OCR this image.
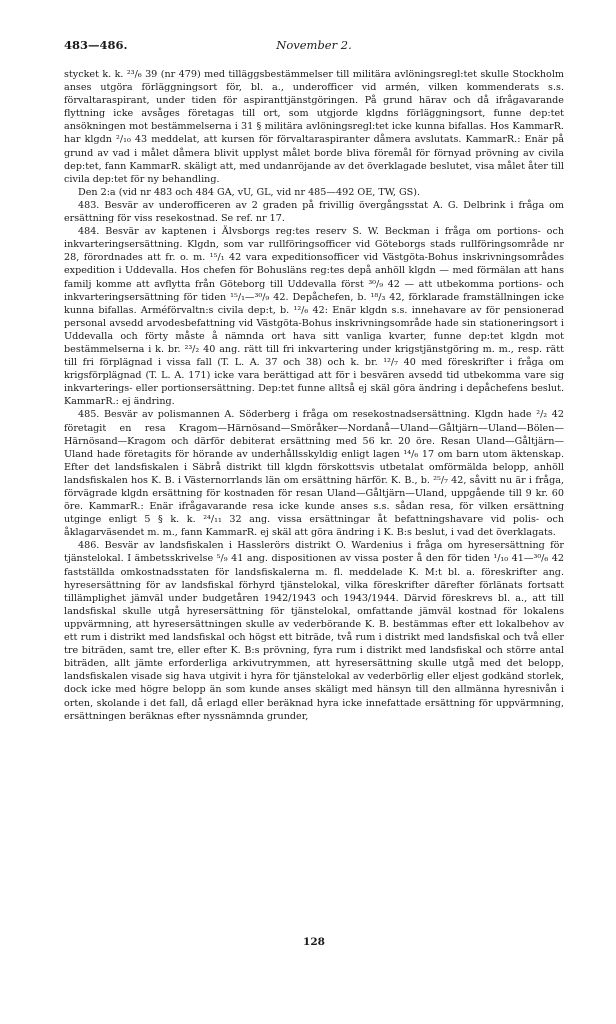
November 2.
483—486.

stycket k. k. ²³/₆ 39 (nr 479) med tilläggsbestämmelser till militära avlöningsregl:tet skulle Stockholm anses utgöra förläggningsort för, bl. a., underofficer vid armén, vilken kommenderats s.s. förvaltaraspirant, under tiden för aspiranttjänstgöringen. På grund härav och då ifrågavarande flyttning icke avsåges företagas till ort, som utgjorde klgdns förläggningsort, funne dep:tet ansökningen mot bestämmelserna i 31 § militära avlöningsregl:tet icke kunna bifallas. Hos KammarR. har klgdn ²/₁₀ 43 meddelat, att kursen för förvaltaraspiranter dåmera avslutats. KammarR.: Enär på grund av vad i målet dåmera blivit upplyst målet borde bliva föremål för förnyad prövning av civila dep:tet, fann KammarR. skäligt att, med undanröjande av det överklagade beslutet, visa målet åter till civila dep:tet för ny behandling.

Den 2:a (vid nr 483 och 484 GA, vU, GL, vid nr 485—492 OE, TW, GS).

483. Besvär av underofficeren av 2 graden på frivillig övergångsstat A. G. Delbrink i fråga om ersättning för viss resekostnad. Se ref. nr 17.

484. Besvär av kaptenen i Älvsborgs reg:tes reserv S. W. Beckman i fråga om portions- och inkvarteringsersättning. Klgdn, som var rullföringsofficer vid Göteborgs stads rullföringsområde nr 28, förordnades att fr. o. m. ¹⁵/₁ 42 vara expeditionsofficer vid Västgöta-Bohus inskrivningsområdes expedition i Uddevalla. Hos chefen för Bohusläns reg:tes depå anhöll klgdn — med förmälan att hans familj komme att avflytta från Göteborg till Uddevalla först ³⁰/₉ 42 — att utbekomma portions- och inkvarteringsersättning för tiden ¹⁵/₁—³⁰/₉ 42. Depåchefen, b. ¹⁸/₃ 42, förklarade framställningen icke kunna bifallas. Arméförvaltn:s civila dep:t, b. ¹²/₆ 42: Enär klgdn s.s. innehavare av för pensionerad personal avsedd arvodesbefattning vid Västgöta-Bohus inskrivningsområde hade sin stationeringsort i Uddevalla och förty måste å nämnda ort hava sitt vanliga kvarter, funne dep:tet klgdn mot bestämmelserna i k. br. ²³/₂ 40 ang. rätt till fri inkvartering under krigstjänstgöring m. m., resp. rätt till fri förplägnad i vissa fall (T. L. A. 37 och 38) och k. br. ¹²/₇ 40 med föreskrifter i fråga om krigsförplägnad (T. L. A. 171) icke vara berättigad att för i besvären avsedd tid utbekomma vare sig inkvarterings- eller portionsersättning. Dep:tet funne alltså ej skäl göra ändring i depåchefens beslut. KammarR.: ej ändring.

485. Besvär av polismannen A. Söderberg i fråga om resekostnadsersättning. Klgdn hade ²/₂ 42 företagit en resa Kragom—Härnösand—Smöråker—Nordanå—Uland—Gåltjärn—Uland—Bölen—Härnösand—Kragom och därför debiterat ersättning med 56 kr. 20 öre. Resan Uland—Gåltjärn—Uland hade företagits för hörande av underhållsskyldig enligt lagen ¹⁴/₆ 17 om barn utom äktenskap. Efter det landsfiskalen i Säbrå distrikt till klgdn förskottsvis utbetalat omförmälda belopp, anhöll landsfiskalen hos K. B. i Västernorrlands län om ersättning härför. K. B., b. ²⁵/₇ 42, såvitt nu är i fråga, förvägrade klgdn ersättning för kostnaden för resan Uland—Gåltjärn—Uland, uppgående till 9 kr. 60 öre. KammarR.: Enär ifrågavarande resa icke kunde anses s.s. sådan resa, för vilken ersättning utginge enligt 5 § k. k. ²⁴/₁₁ 32 ang. vissa ersättningar åt befattningshavare vid polis- och åklagarväsendet m. m., fann KammarR. ej skäl att göra ändring i K. B:s beslut, i vad det överklagats.

486. Besvär av landsfiskalen i Hasslerörs distrikt O. Wardenius i fråga om hyresersättning för tjänstelokal. I ämbetsskrivelse ⁵/₉ 41 ang. dispositionen av vissa poster å den för tiden ¹/₁₀ 41—³⁰/₆ 42 fastställda omkostnadsstaten för landsfiskalerna m. fl. meddelade K. M:t bl. a. föreskrifter ang. hyresersättning för av landsfiskal förhyrd tjänstelokal, vilka föreskrifter därefter förlänats fortsatt tillämplighet jämväl under budgetåren 1942/1943 och 1943/1944. Därvid föreskrevs bl. a., att till landsfiskal skulle utgå hyresersättning för tjänstelokal, omfattande jämväl kostnad för lokalens uppvärmning, att hyresersättningen skulle av vederbörande K. B. bestämmas efter ett lokalbehov av ett rum i distrikt med landsfiskal och högst ett biträde, två rum i distrikt med landsfiskal och två eller tre biträden, samt tre, eller efter K. B:s prövning, fyra rum i distrikt med landsfiskal och större antal biträden, allt jämte erforderliga arkivutrymmen, att hyresersättning skulle utgå med det belopp, landsfiskalen visade sig hava utgivit i hyra för tjänstelokal av vederbörlig eller eljest godkänd storlek, dock icke med högre belopp än som kunde anses skäligt med hänsyn till den allmänna hyresnivån i orten, skolande i det fall, då erlagd eller beräknad hyra icke innefattade ersättning för uppvärmning, ersättningen beräknas efter nyssnämnda grunder,

128
